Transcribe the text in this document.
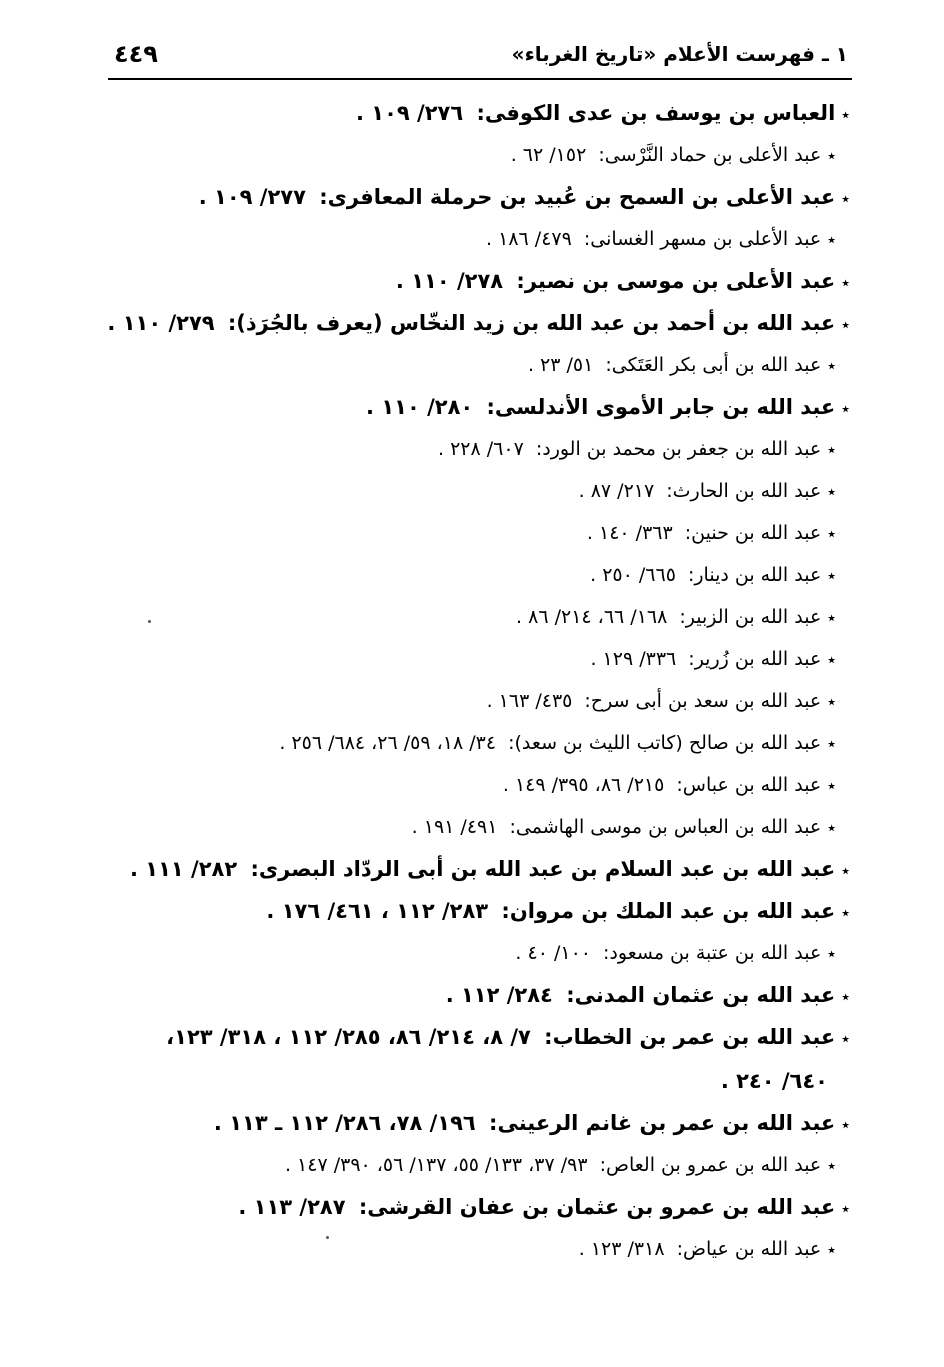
٤٤٩	١ ـ فهرست الأعلام «تاريخ الغرباء»
٭العباس بن يوسف بن عدى الكوفى: ٢٧٦/ ١٠٩ .
٭عبد الأعلى بن حماد النَّرْسى: ١٥٢/ ٦٢ .
٭عبد الأعلى بن السمح بن عُبيد بن حرملة المعافرى: ٢٧٧/ ١٠٩ .
٭عبد الأعلى بن مسهر الغسانى: ٤٧٩/ ١٨٦ .
٭عبد الأعلى بن موسى بن نصير: ٢٧٨/ ١١٠ .
٭عبد الله بن أحمد بن عبد الله بن زيد النخّاس (يعرف بالجُرَذ): ٢٧٩/ ١١٠ .
٭عبد الله بن أبى بكر العَتَكى: ٥١/ ٢٣ .
٭عبد الله بن جابر الأموى الأندلسى: ٢٨٠/ ١١٠ .
٭عبد الله بن جعفر بن محمد بن الورد: ٦٠٧/ ٢٢٨ .
٭عبد الله بن الحارث: ٢١٧/ ٨٧ .
٭عبد الله بن حنين: ٣٦٣/ ١٤٠ .
٭عبد الله بن دينار: ٦٦٥/ ٢٥٠ .
٭عبد الله بن الزبير: ١٦٨/ ٦٦، ٢١٤/ ٨٦ .
٭عبد الله بن زُرير: ٣٣٦/ ١٢٩ .
٭عبد الله بن سعد بن أبى سرح: ٤٣٥/ ١٦٣ .
٭عبد الله بن صالح (كاتب الليث بن سعد): ٣٤/ ١٨، ٥٩/ ٢٦، ٦٨٤/ ٢٥٦ .
٭عبد الله بن عباس: ٢١٥/ ٨٦، ٣٩٥/ ١٤٩ .
٭عبد الله بن العباس بن موسى الهاشمى: ٤٩١/ ١٩١ .
٭عبد الله بن عبد السلام بن عبد الله بن أبى الردّاد البصرى: ٢٨٢/ ١١١ .
٭عبد الله بن عبد الملك بن مروان: ٢٨٣/ ١١٢ ، ٤٦١/ ١٧٦ .
٭عبد الله بن عتبة بن مسعود: ١٠٠/ ٤٠ .
٭عبد الله بن عثمان المدنى: ٢٨٤/ ١١٢ .
٭عبد الله بن عمر بن الخطاب: ٧/ ٨، ٢١٤/ ٨٦، ٢٨٥/ ١١٢ ، ٣١٨/ ١٢٣،
٦٤٠/ ٢٤٠ .
٭عبد الله بن عمر بن غانم الرعينى: ١٩٦/ ٧٨، ٢٨٦/ ١١٢ ـ ١١٣ .
٭عبد الله بن عمرو بن العاص: ٩٣/ ٣٧، ١٣٣/ ٥٥، ١٣٧/ ٥٦، ٣٩٠/ ١٤٧ .
٭عبد الله بن عمرو بن عثمان بن عفان القرشى: ٢٨٧/ ١١٣ .
٭عبد الله بن عياض: ٣١٨/ ١٢٣ .
